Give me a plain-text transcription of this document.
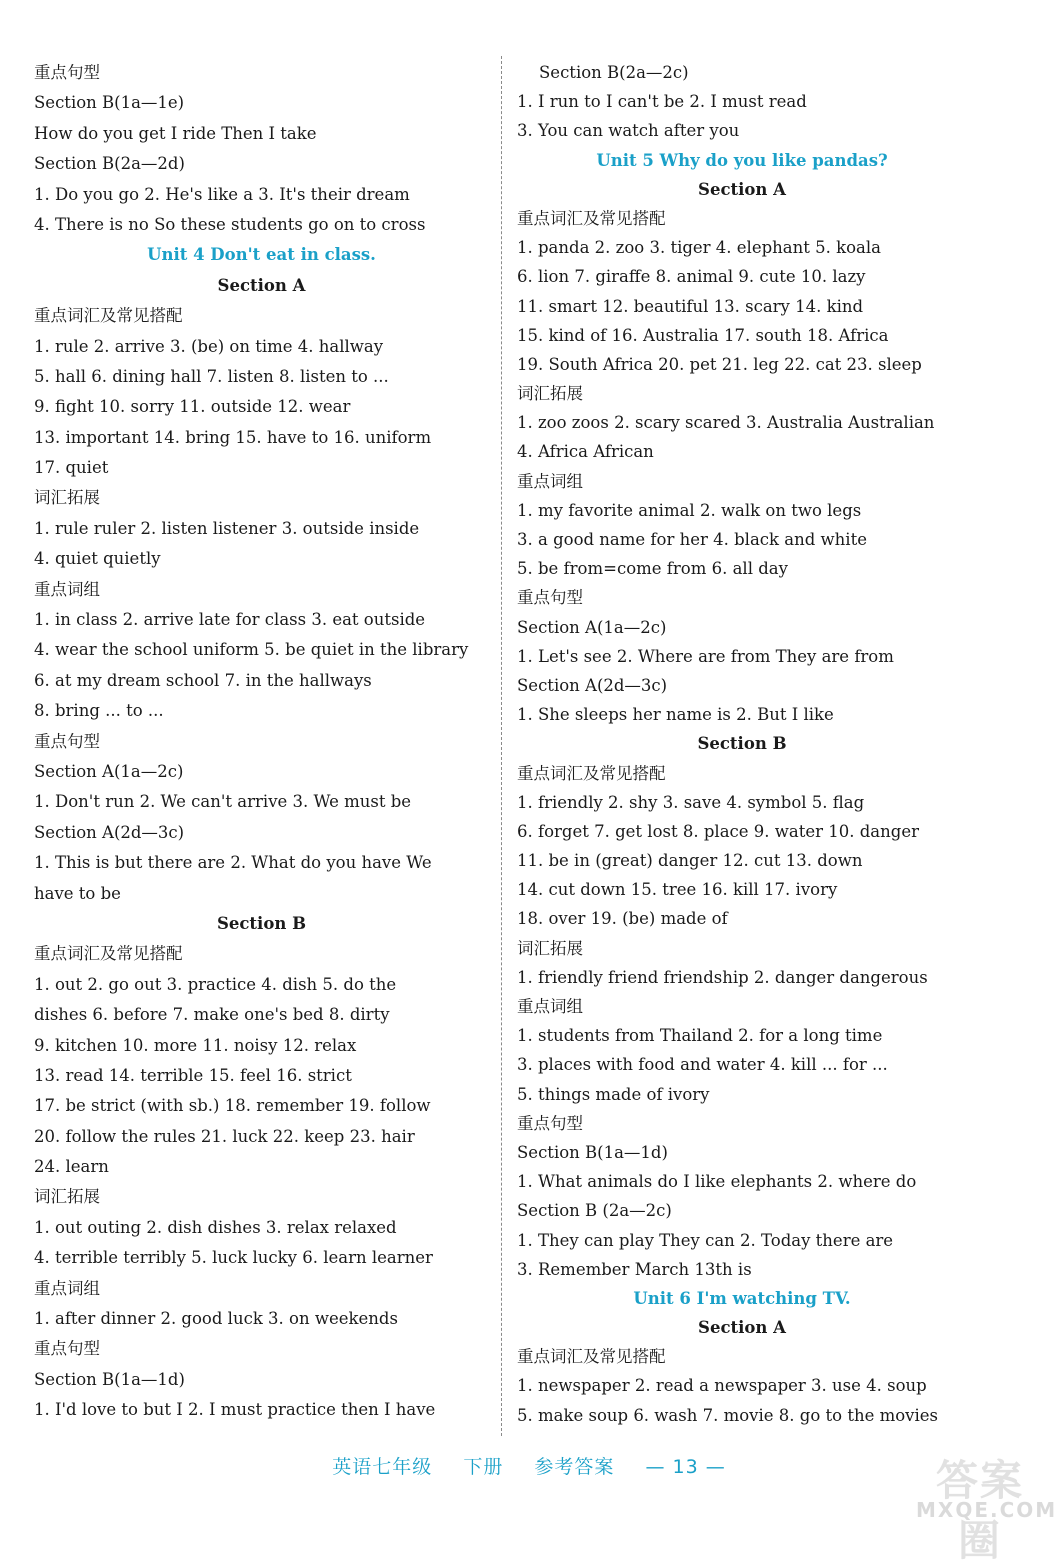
重点句型
Section B(1a—1e)
How do you get I ride Then I take
Section B(2a—2d)
1. Do you go 2. He's like a 3. It's their dream
4. There is no So these students go on to cross
Unit 4 Don't eat in class.
Section A
重点词汇及常见搭配
1. rule 2. arrive 3. (be) on time 4. hallway
5. hall 6. dining hall 7. listen 8. listen to ...
9. fight 10. sorry 11. outside 12. wear
13. important 14. bring 15. have to 16. uniform
17. quiet
词汇拓展
1. rule ruler 2. listen listener 3. outside inside
4. quiet quietly
重点词组
1. in class 2. arrive late for class 3. eat outside
4. wear the school uniform 5. be quiet in the library
6. at my dream school 7. in the hallways
8. bring ... to ...
重点句型
Section A(1a—2c)
1. Don't run 2. We can't arrive 3. We must be
Section A(2d—3c)
1. This is but there are 2. What do you have We
have to be
Section B
重点词汇及常见搭配
1. out 2. go out 3. practice 4. dish 5. do the
dishes 6. before 7. make one's bed 8. dirty
9. kitchen 10. more 11. noisy 12. relax
13. read 14. terrible 15. feel 16. strict
17. be strict (with sb.) 18. remember 19. follow
20. follow the rules 21. luck 22. keep 23. hair
24. learn
词汇拓展
1. out outing 2. dish dishes 3. relax relaxed
4. terrible terribly 5. luck lucky 6. learn learner
重点词组
1. after dinner 2. good luck 3. on weekends
重点句型
Section B(1a—1d)
1. I'd love to but I 2. I must practice then I have
Section B(2a—2c)
1. I run to I can't be 2. I must read
3. You can watch after you
Unit 5 Why do you like pandas?
Section A
重点词汇及常见搭配
1. panda 2. zoo 3. tiger 4. elephant 5. koala
6. lion 7. giraffe 8. animal 9. cute 10. lazy
11. smart 12. beautiful 13. scary 14. kind
15. kind of 16. Australia 17. south 18. Africa
19. South Africa 20. pet 21. leg 22. cat 23. sleep
词汇拓展
1. zoo zoos 2. scary scared 3. Australia Australian
4. Africa African
重点词组
1. my favorite animal 2. walk on two legs
3. a good name for her 4. black and white
5. be from=come from 6. all day
重点句型
Section A(1a—2c)
1. Let's see 2. Where are from They are from
Section A(2d—3c)
1. She sleeps her name is 2. But I like
Section B
重点词汇及常见搭配
1. friendly 2. shy 3. save 4. symbol 5. flag
6. forget 7. get lost 8. place 9. water 10. danger
11. be in (great) danger 12. cut 13. down
14. cut down 15. tree 16. kill 17. ivory
18. over 19. (be) made of
词汇拓展
1. friendly friend friendship 2. danger dangerous
重点词组
1. students from Thailand 2. for a long time
3. places with food and water 4. kill ... for ...
5. things made of ivory
重点句型
Section B(1a—1d)
1. What animals do I like elephants 2. where do
Section B (2a—2c)
1. They can play They can 2. Today there are
3. Remember March 13th is
Unit 6 I'm watching TV.
Section A
重点词汇及常见搭配
1. newspaper 2. read a newspaper 3. use 4. soup
5. make soup 6. wash 7. movie 8. go to the movies
英语七年级 下册 参考答案 — 13 —	答案圈
MXQE.COM
